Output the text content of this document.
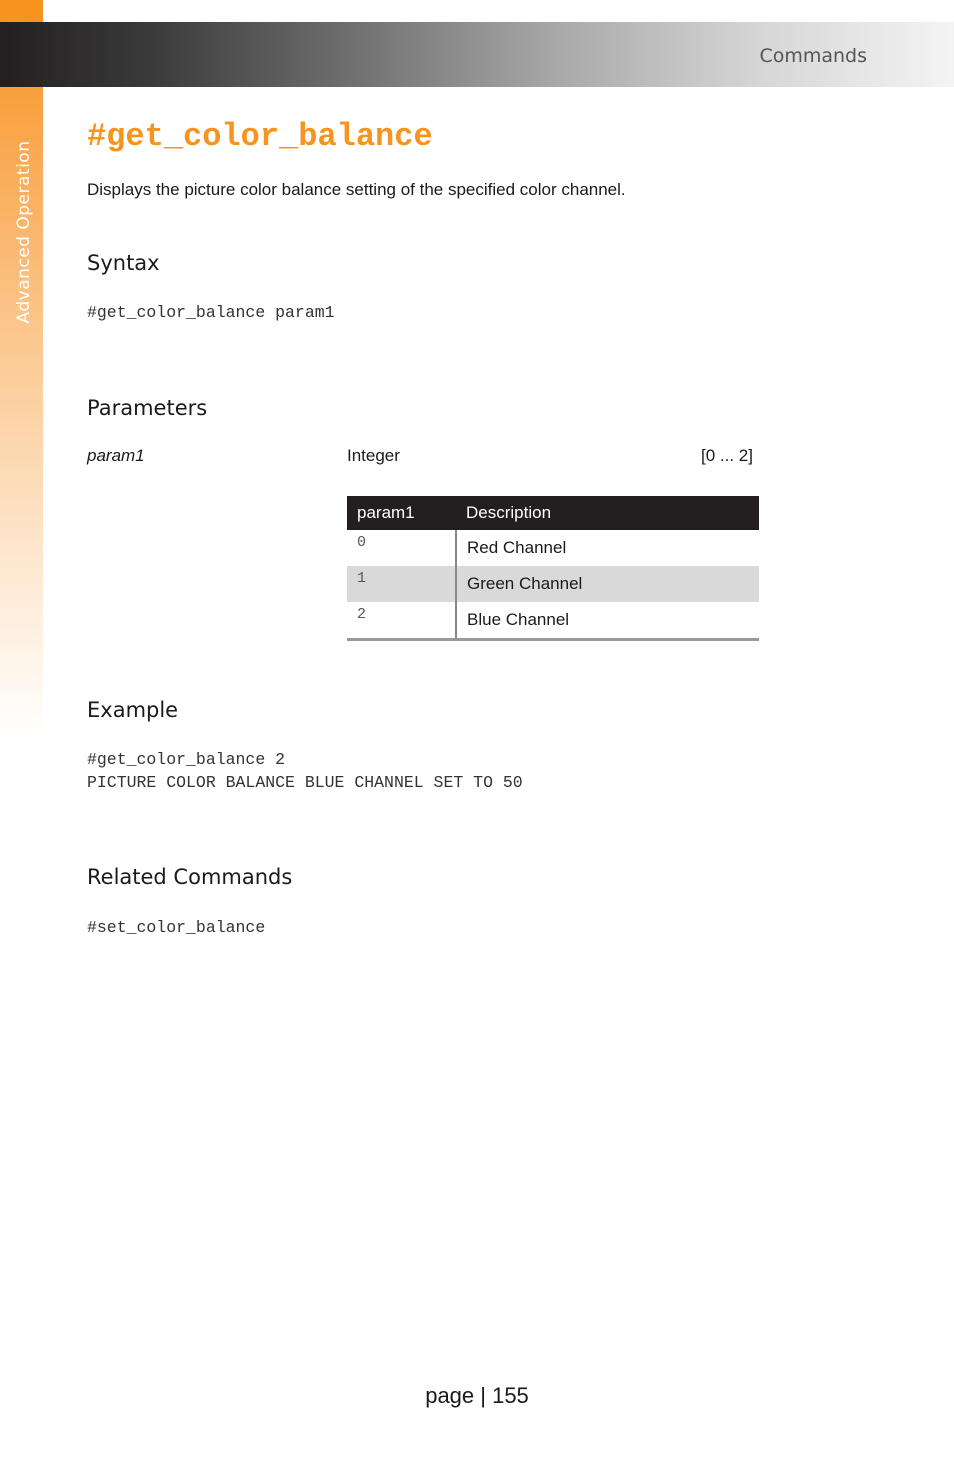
Advanced Operation
Commands
#get_color_balance
Displays the picture color balance setting of the specified color channel.
Syntax
#get_color_balance param1
Parameters
param1	Integer	[0 ... 2]
param1	Description
0	Red Channel
1	Green Channel
2	Blue Channel
Example
#get_color_balance 2
PICTURE COLOR BALANCE BLUE CHANNEL SET TO 50
Related Commands
#set_color_balance
page | 155
